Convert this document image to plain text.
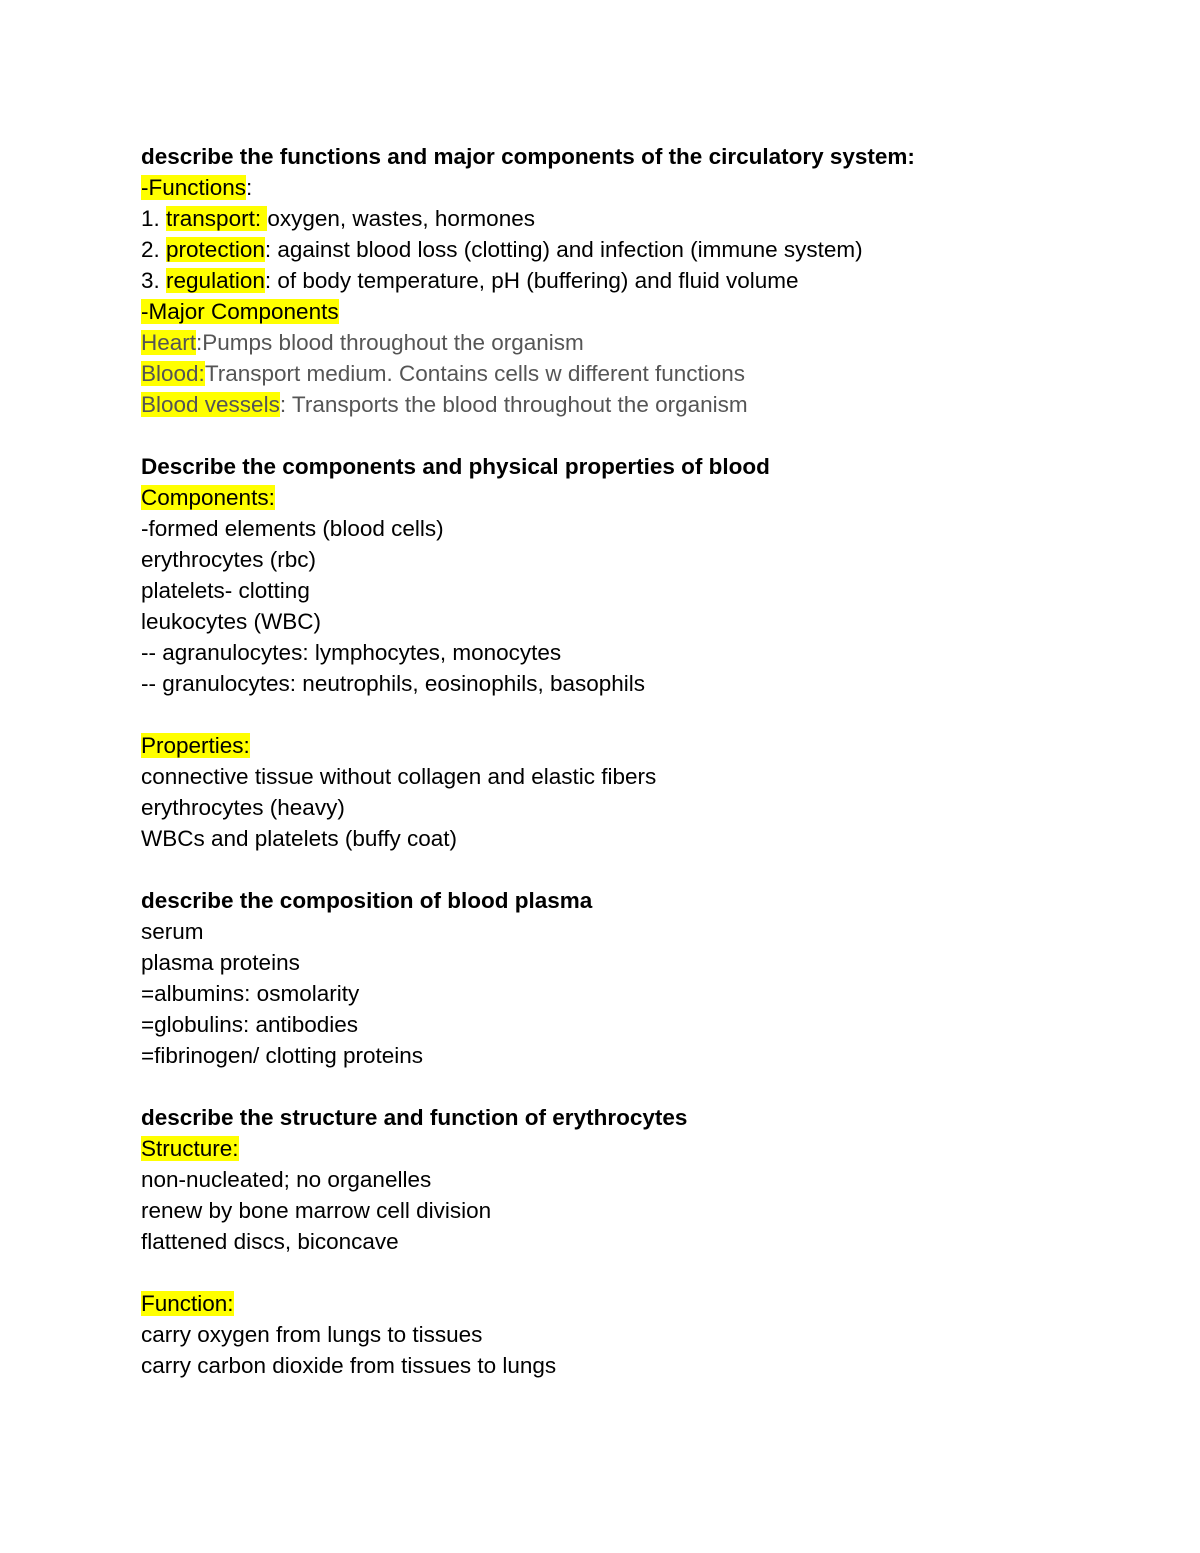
describe the functions and major components of the circulatory system:
-Functions:
1. transport: oxygen, wastes, hormones
2. protection: against blood loss (clotting) and infection (immune system)
3. regulation: of body temperature, pH (buffering) and fluid volume
-Major Components
Heart:Pumps blood throughout the organism
Blood:Transport medium. Contains cells w different functions
Blood vessels: Transports the blood throughout the organism
Describe the components and physical properties of blood
Components:
-formed elements (blood cells)
erythrocytes (rbc)
platelets- clotting
leukocytes (WBC)
-- agranulocytes: lymphocytes, monocytes
-- granulocytes: neutrophils, eosinophils, basophils
Properties:
connective tissue without collagen and elastic fibers
erythrocytes (heavy)
WBCs and platelets (buffy coat)
describe the composition of blood plasma
serum
plasma proteins
=albumins: osmolarity
=globulins: antibodies
=fibrinogen/ clotting proteins
describe the structure and function of erythrocytes
Structure:
non-nucleated; no organelles
renew by bone marrow cell division
flattened discs, biconcave
Function:
carry oxygen from lungs to tissues
carry carbon dioxide from tissues to lungs
